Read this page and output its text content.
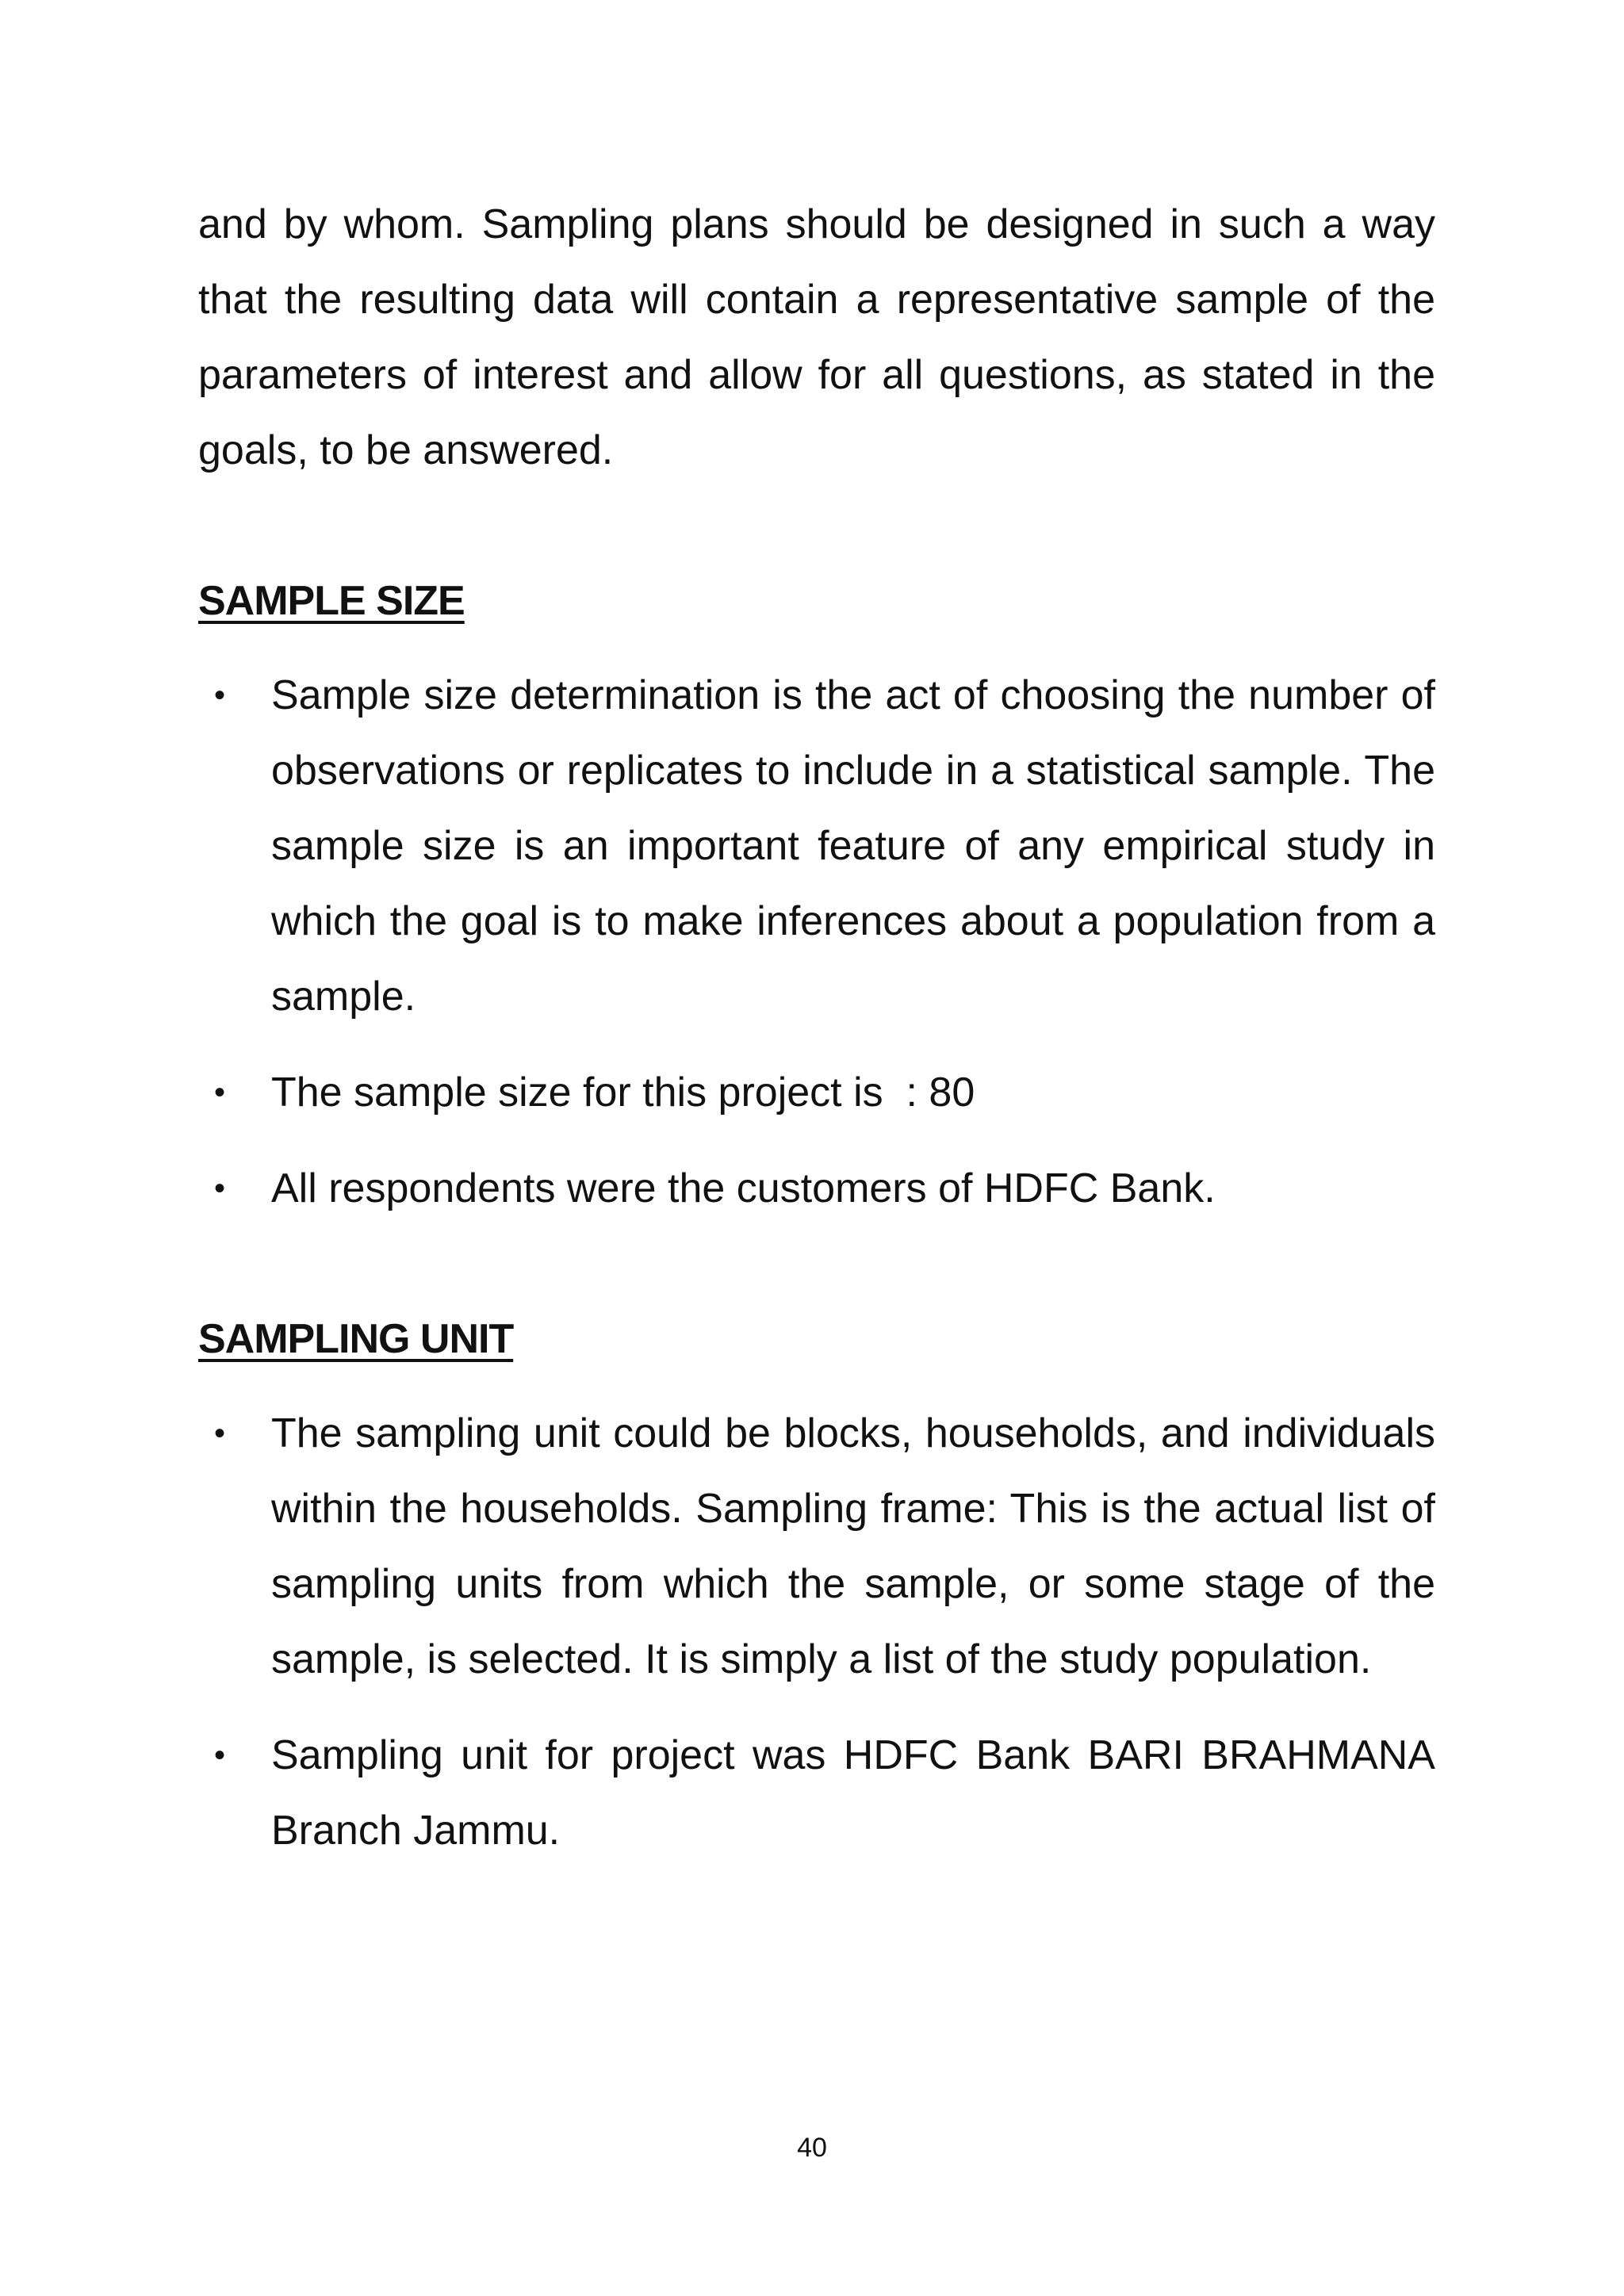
and by whom. Sampling plans should be designed in such a way that the resulting data will contain a representative sample of the parameters of interest and allow for all questions, as stated in the goals, to be answered.

SAMPLE SIZE
• Sample size determination is the act of choosing the number of observations or replicates to include in a statistical sample. The sample size is an important feature of any empirical study in which the goal is to make inferences about a population from a sample.
• The sample size for this project is  : 80
• All respondents were the customers of HDFC Bank.
SAMPLING UNIT
• The sampling unit could be blocks, households, and individuals within the households. Sampling frame: This is the actual list of sampling units from which the sample, or some stage of the sample, is selected. It is simply a list of the study population.
• Sampling unit for project was HDFC Bank BARI BRAHMANA Branch Jammu.
40
